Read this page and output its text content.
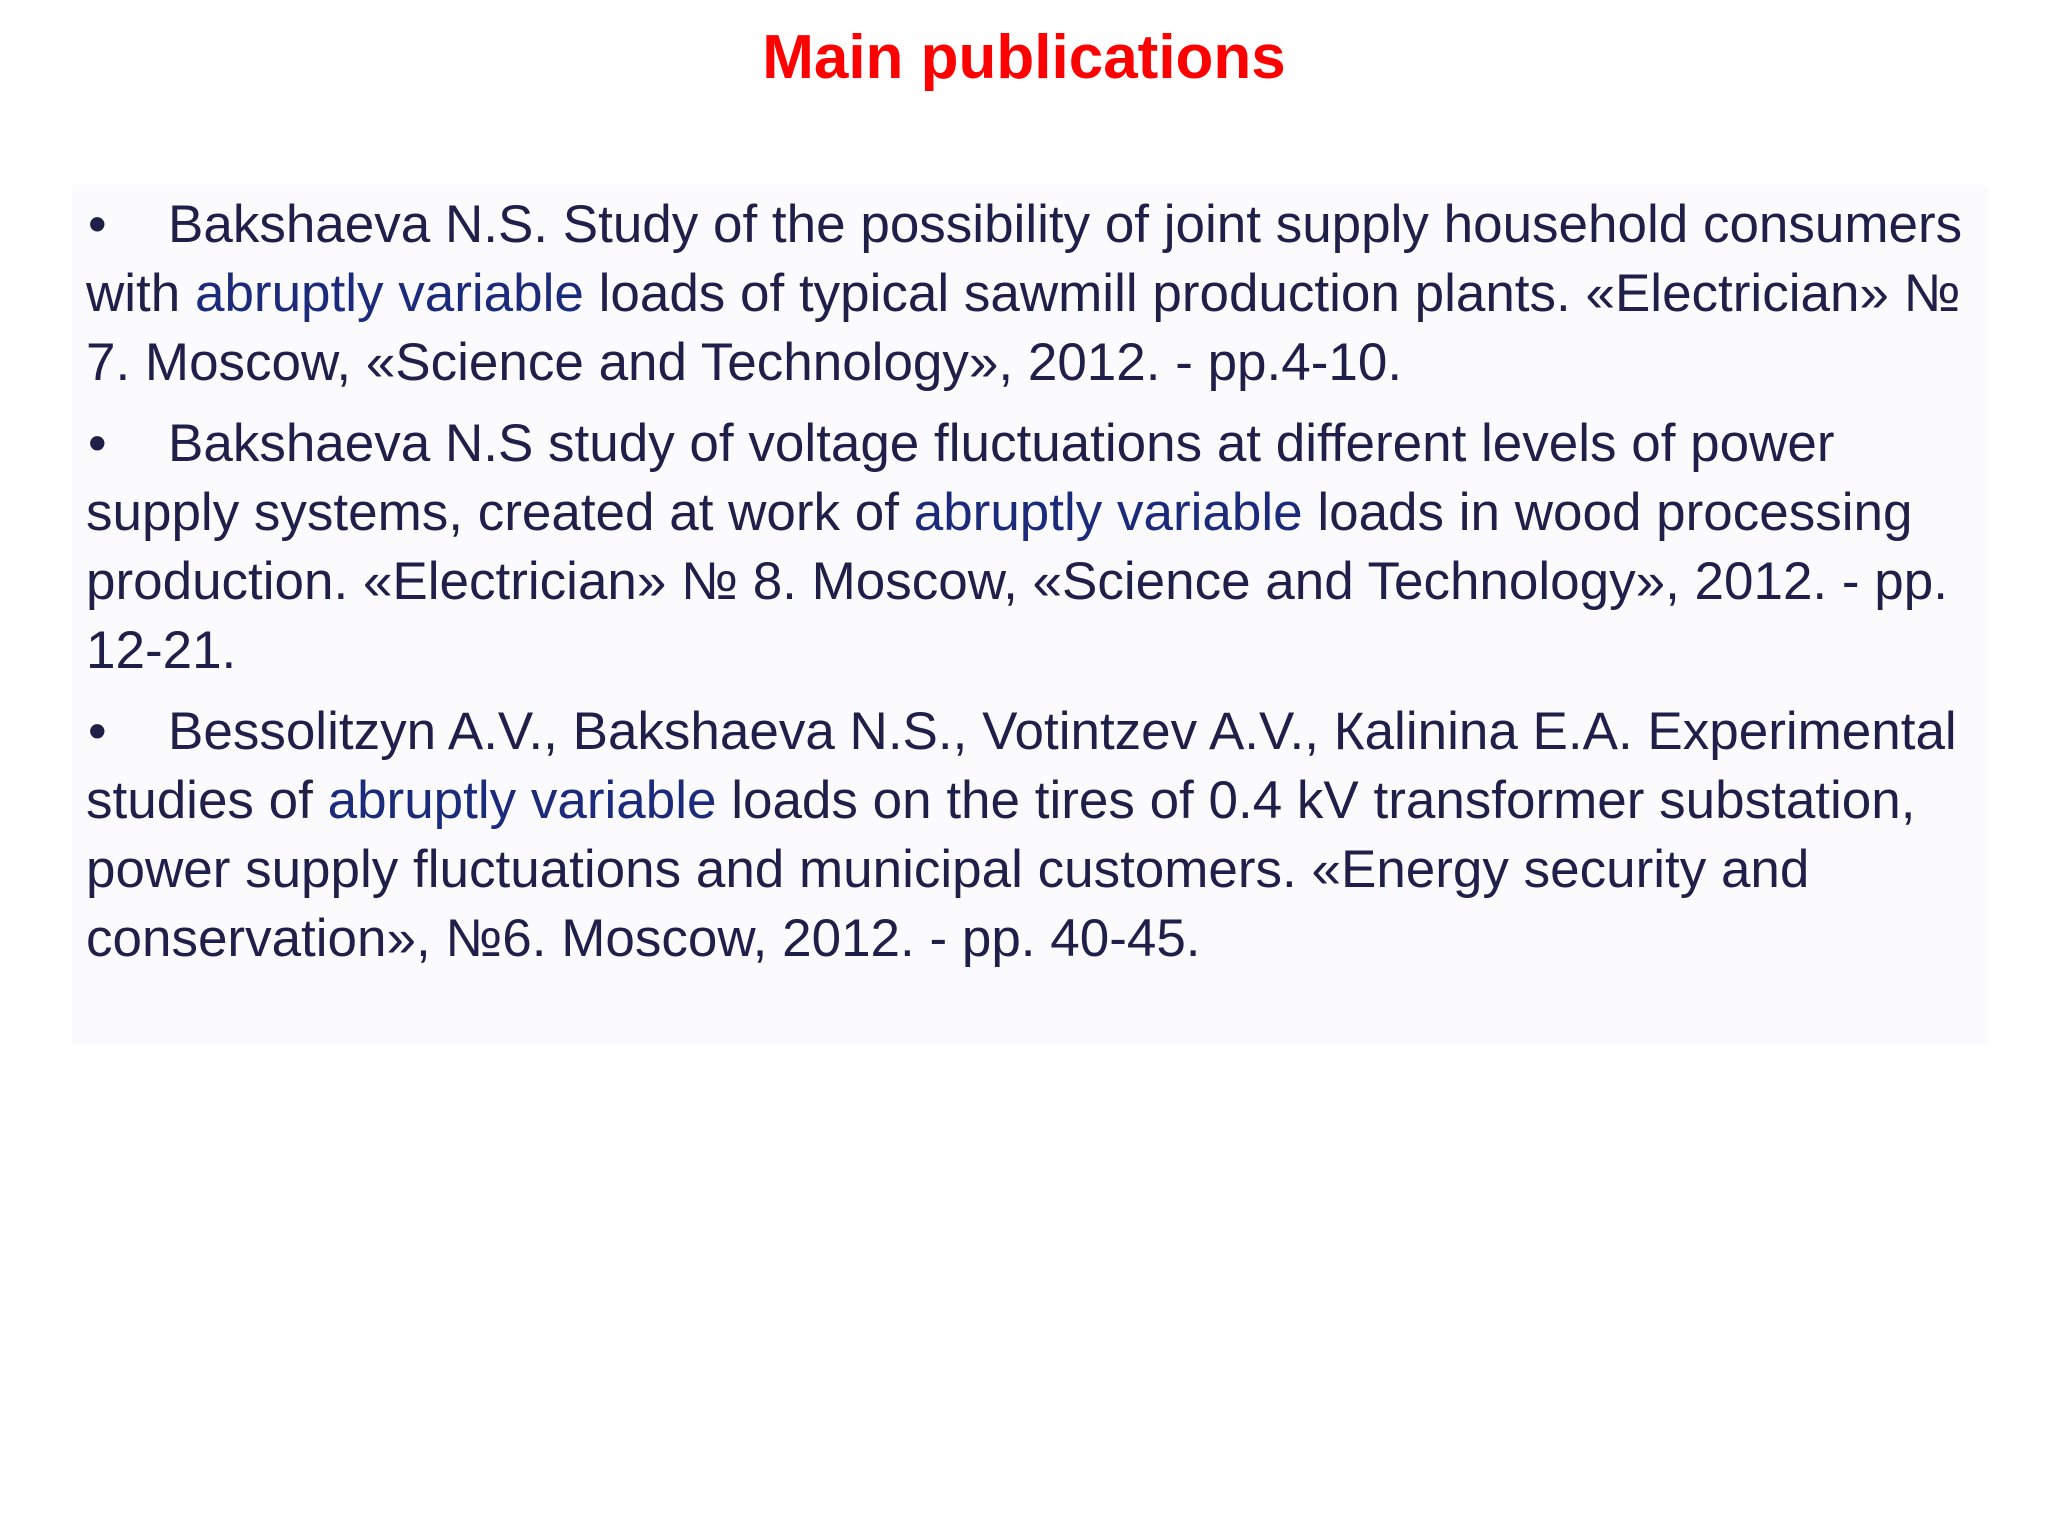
Main publications
• Bakshaeva N.S. Study of the possibility of joint supply household consumers with abruptly variable loads of typical sawmill production plants. «Electrician» № 7. Moscow, «Science and Technology», 2012. - pp.4-10.
• Bakshaeva N.S study of voltage fluctuations at different levels of power supply systems, created at work of abruptly variable loads in wood processing production. «Electrician» № 8. Moscow, «Science and Technology», 2012. - pp. 12-21.
• Bessolitzyn A.V., Bakshaeva N.S., Votintzev A.V., Кalinina E.A. Experimental studies of abruptly variable loads on the tires of 0.4 kV transformer substation, power supply fluctuations and municipal customers. «Energy security and conservation», №6. Moscow, 2012. - pp. 40-45.
